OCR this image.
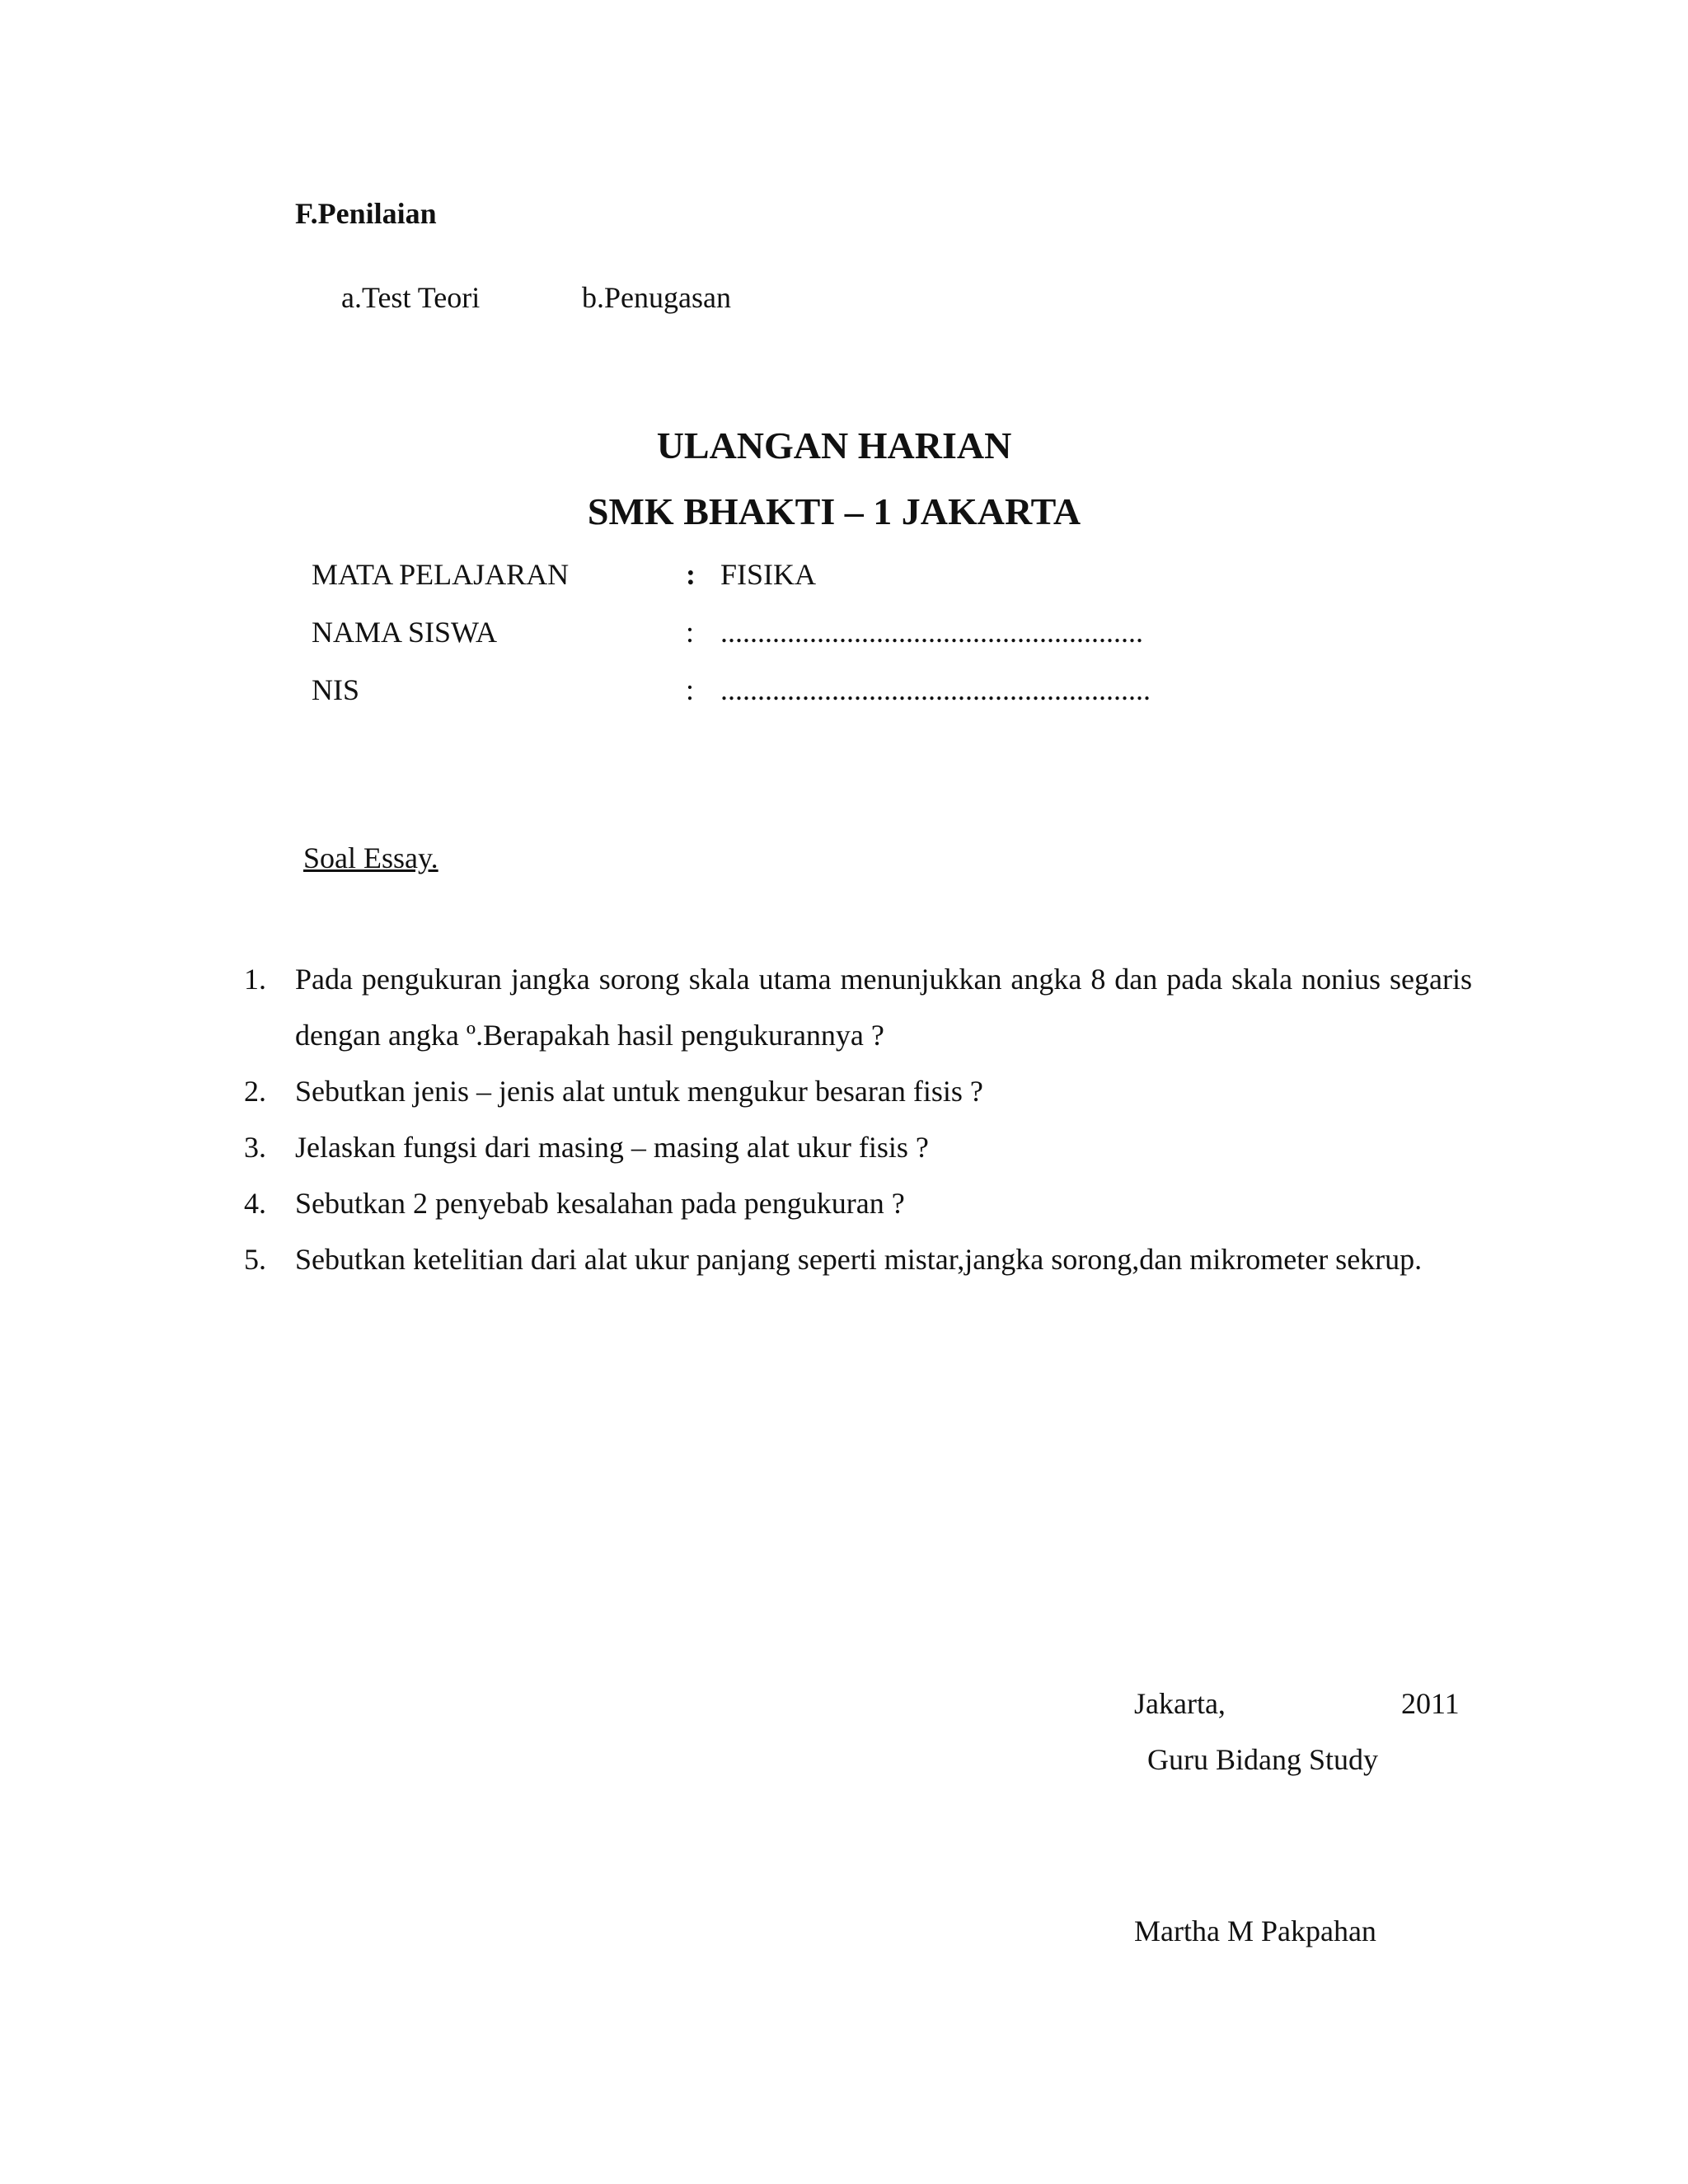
F.Penilaian
a.Test Teori	b.Penugasan
ULANGAN HARIAN
SMK BHAKTI – 1 JAKARTA
MATA PELAJARAN	: FISIKA
NAMA SISWA	: .........................................................
NIS	: ..........................................................
Soal Essay.
1. Pada pengukuran jangka sorong skala utama menunjukkan angka 8 dan pada skala nonius segaris dengan angka º.Berapakah hasil pengukurannya ?
2. Sebutkan jenis – jenis alat untuk mengukur besaran fisis ?
3. Jelaskan fungsi dari masing – masing alat ukur fisis ?
4. Sebutkan 2 penyebab kesalahan pada pengukuran ?
5. Sebutkan ketelitian dari alat ukur panjang seperti mistar,jangka sorong,dan mikrometer sekrup.
Jakarta,	2011
Guru Bidang Study
Martha M Pakpahan
